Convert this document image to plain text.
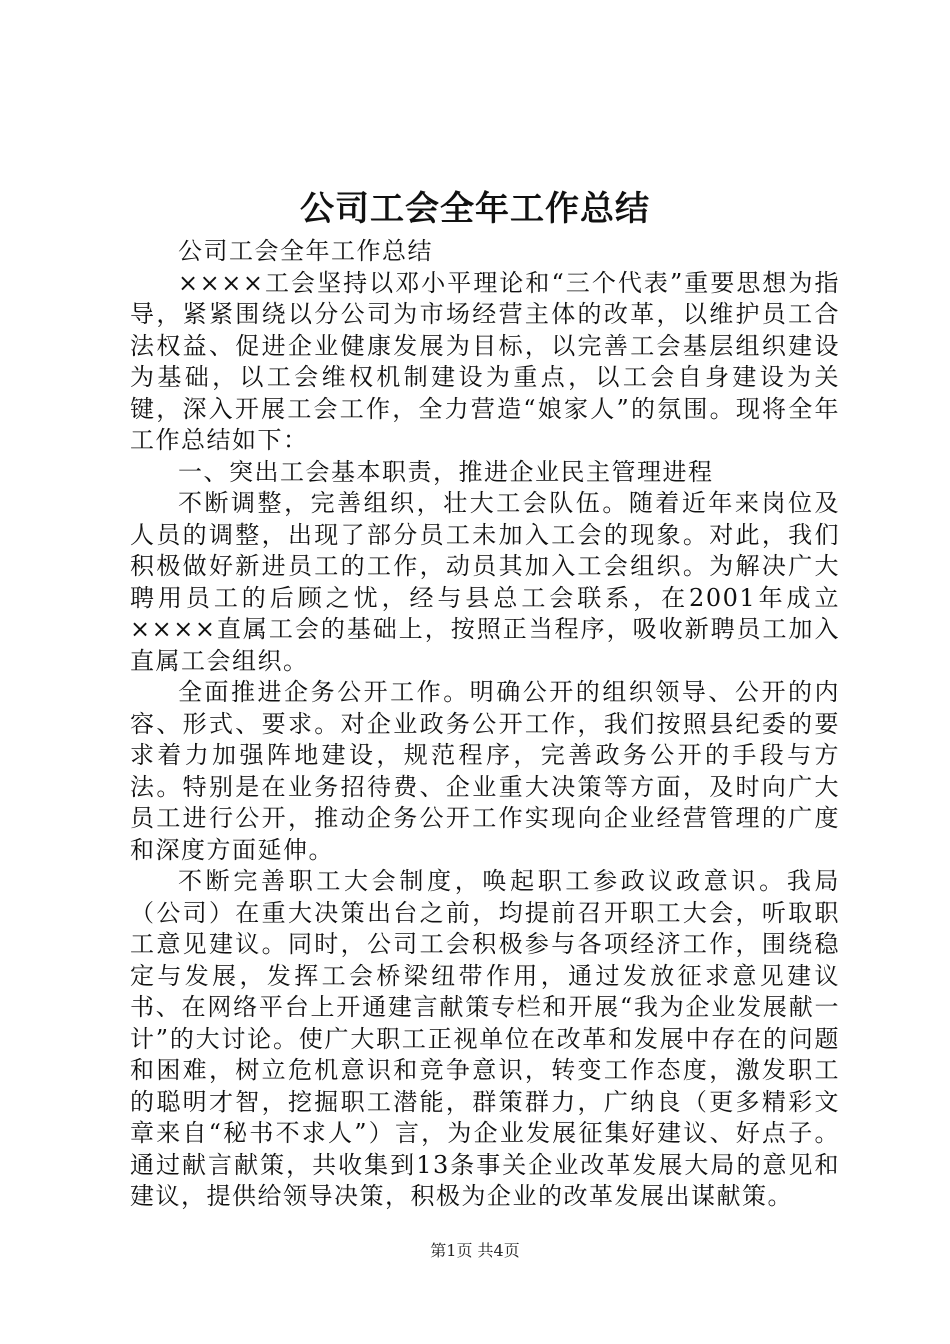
公司工会全年工作总结

公司工会全年工作总结

××××工会坚持以邓小平理论和“三个代表”重要思想为指导，紧紧围绕以分公司为市场经营主体的改革，以维护员工合法权益、促进企业健康发展为目标，以完善工会基层组织建设为基础，以工会维权机制建设为重点，以工会自身建设为关键，深入开展工会工作，全力营造“娘家人”的氛围。现将全年工作总结如下：

一、突出工会基本职责，推进企业民主管理进程

不断调整，完善组织，壮大工会队伍。随着近年来岗位及人员的调整，出现了部分员工未加入工会的现象。对此，我们积极做好新进员工的工作，动员其加入工会组织。为解决广大聘用员工的后顾之忧，经与县总工会联系，在2001年成立××××直属工会的基础上，按照正当程序，吸收新聘员工加入直属工会组织。

全面推进企务公开工作。明确公开的组织领导、公开的内容、形式、要求。对企业政务公开工作，我们按照县纪委的要求着力加强阵地建设，规范程序，完善政务公开的手段与方法。特别是在业务招待费、企业重大决策等方面，及时向广大员工进行公开，推动企务公开工作实现向企业经营管理的广度和深度方面延伸。

不断完善职工大会制度，唤起职工参政议政意识。我局（公司）在重大决策出台之前，均提前召开职工大会，听取职工意见建议。同时，公司工会积极参与各项经济工作，围绕稳定与发展，发挥工会桥梁纽带作用，通过发放征求意见建议书、在网络平台上开通建言献策专栏和开展“我为企业发展献一计”的大讨论。使广大职工正视单位在改革和发展中存在的问题和困难，树立危机意识和竞争意识，转变工作态度，激发职工的聪明才智，挖掘职工潜能，群策群力，广纳良（更多精彩文章来自“秘书不求人”）言，为企业发展征集好建议、好点子。通过献言献策，共收集到13条事关企业改革发展大局的意见和建议，提供给领导决策，积极为企业的改革发展出谋献策。

第1页 共4页
